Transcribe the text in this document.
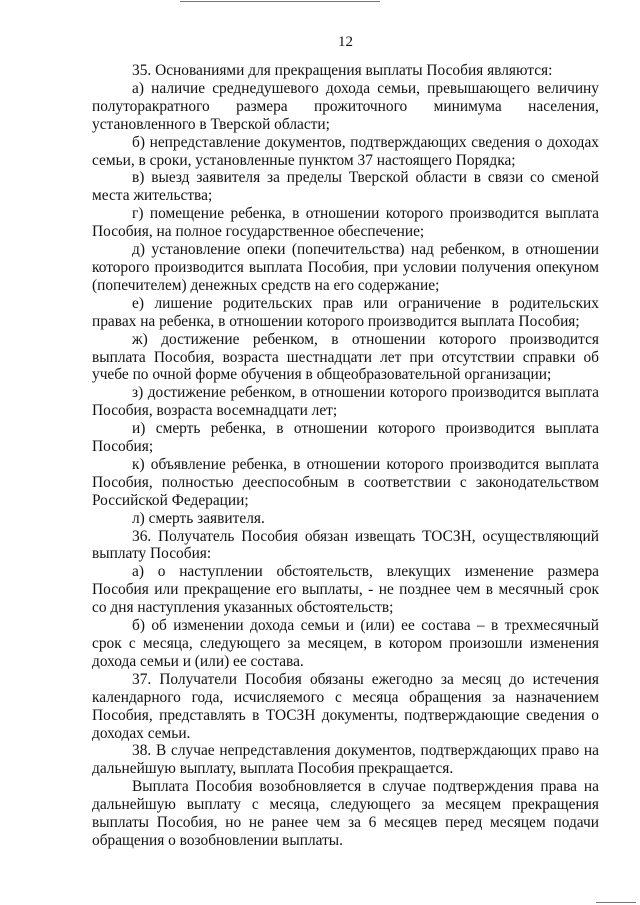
12

35. Основаниями для прекращения выплаты Пособия являются:

а) наличие среднедушевого дохода семьи, превышающего величину полуторакратного размера прожиточного минимума населения, установленного в Тверской области;

б) непредставление документов, подтверждающих сведения о доходах семьи, в сроки, установленные пунктом 37 настоящего Порядка;

в) выезд заявителя за пределы Тверской области в связи со сменой места жительства;

г) помещение ребенка, в отношении которого производится выплата Пособия, на полное государственное обеспечение;

д) установление опеки (попечительства) над ребенком, в отношении которого производится выплата Пособия, при условии получения опекуном (попечителем) денежных средств на его содержание;

е) лишение родительских прав или ограничение в родительских правах на ребенка, в отношении которого производится выплата Пособия;

ж) достижение ребенком, в отношении которого производится выплата Пособия, возраста шестнадцати лет при отсутствии справки об учебе по очной форме обучения в общеобразовательной организации;

з) достижение ребенком, в отношении которого производится выплата Пособия, возраста восемнадцати лет;

и) смерть ребенка, в отношении которого производится выплата Пособия;

к) объявление ребенка, в отношении которого производится выплата Пособия, полностью дееспособным в соответствии с законодательством Российской Федерации;

л) смерть заявителя.

36. Получатель Пособия обязан извещать ТОСЗН, осуществляющий выплату Пособия:

а) о наступлении обстоятельств, влекущих изменение размера Пособия или прекращение его выплаты, - не позднее чем в месячный срок со дня наступления указанных обстоятельств;

б) об изменении дохода семьи и (или) ее состава – в трехмесячный срок с месяца, следующего за месяцем, в котором произошли изменения дохода семьи и (или) ее состава.

37. Получатели Пособия обязаны ежегодно за месяц до истечения календарного года, исчисляемого с месяца обращения за назначением Пособия, представлять в ТОСЗН документы, подтверждающие сведения о доходах семьи.

38. В случае непредставления документов, подтверждающих право на дальнейшую выплату, выплата Пособия прекращается.

Выплата Пособия возобновляется в случае подтверждения права на дальнейшую выплату с месяца, следующего за месяцем прекращения выплаты Пособия, но не ранее чем за 6 месяцев перед месяцем подачи обращения о возобновлении выплаты.
